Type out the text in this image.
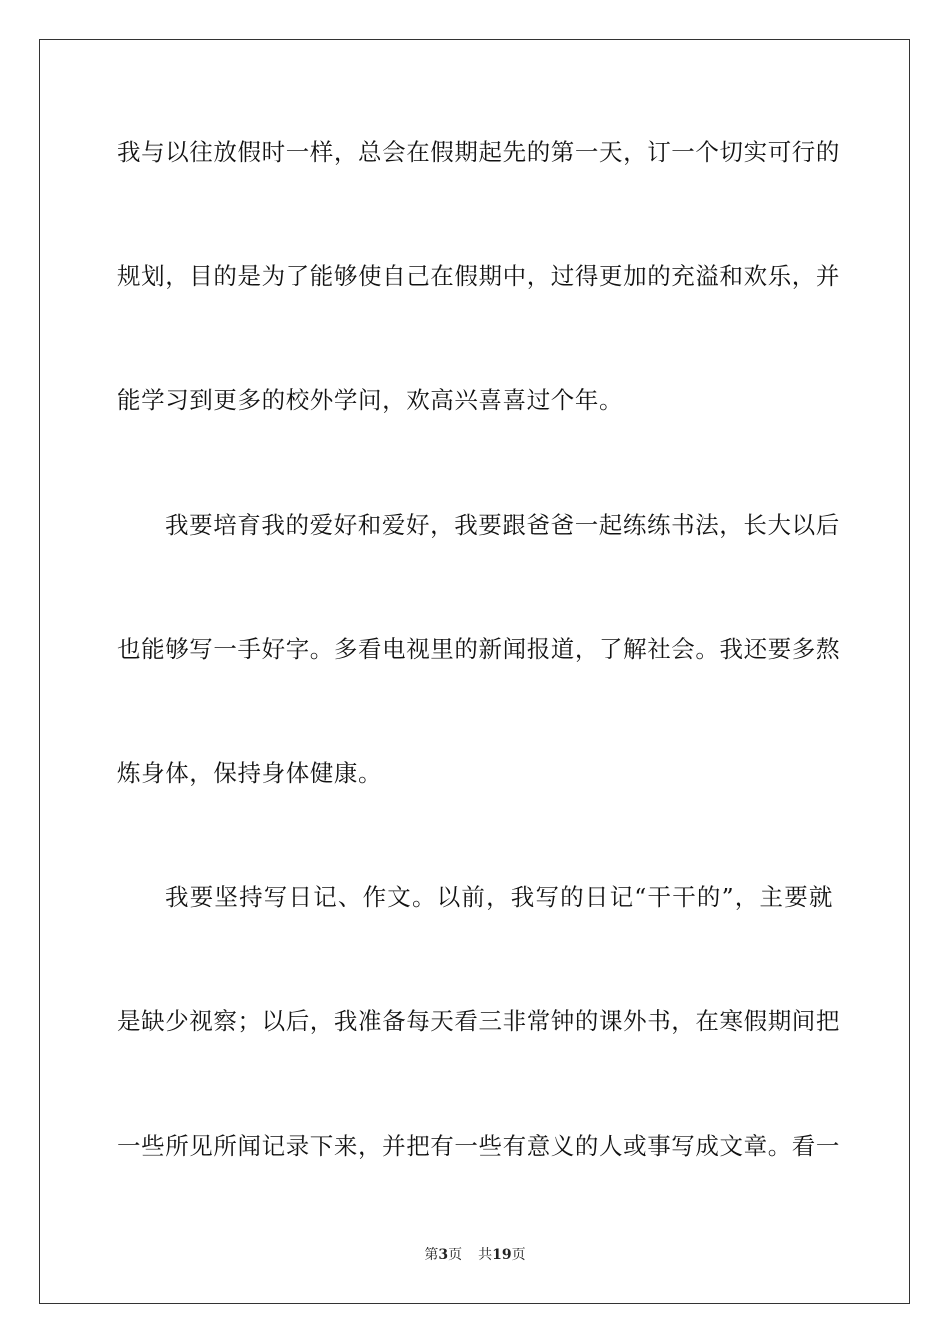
我与以往放假时一样，总会在假期起先的第一天，订一个切实可行的
规划，目的是为了能够使自己在假期中，过得更加的充溢和欢乐，并
能学习到更多的校外学问，欢高兴喜喜过个年。
我要培育我的爱好和爱好，我要跟爸爸一起练练书法，长大以后
也能够写一手好字。多看电视里的新闻报道，了解社会。我还要多熬
炼身体，保持身体健康。
我要坚持写日记、作文。以前，我写的日记“干干的”，主要就
是缺少视察；以后，我准备每天看三非常钟的课外书，在寒假期间把
一些所见所闻记录下来，并把有一些有意义的人或事写成文章。看一
第3页 共19页
